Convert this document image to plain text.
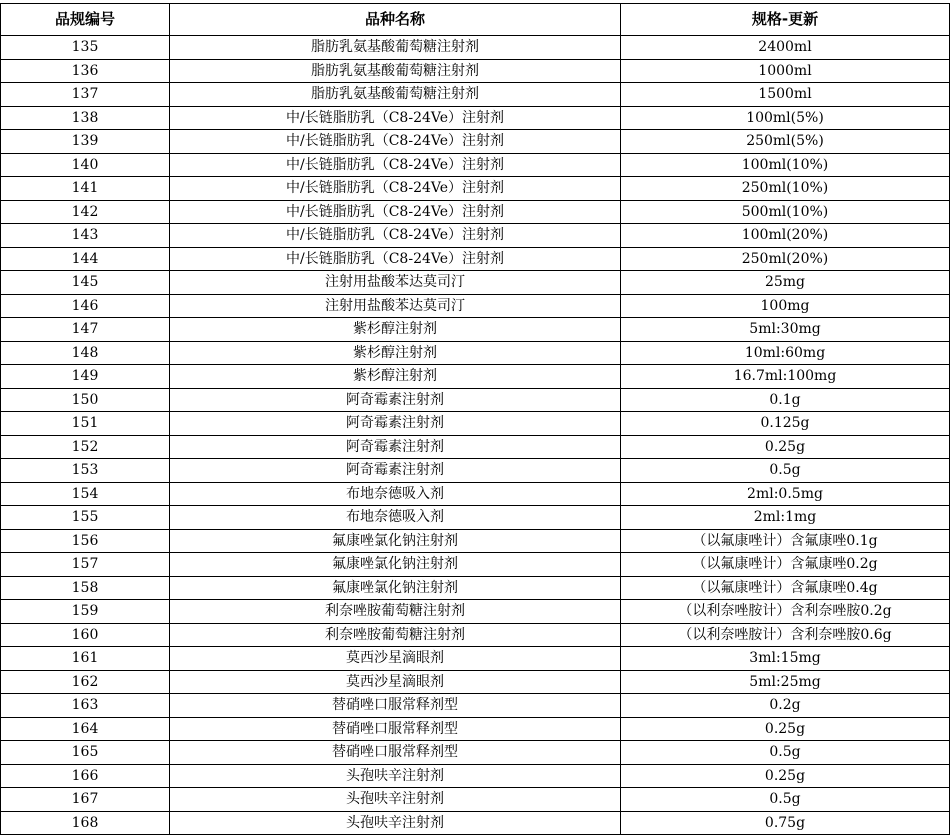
品规编号	品种名称	规格-更新
135	脂肪乳氨基酸葡萄糖注射剂	2400ml
136	脂肪乳氨基酸葡萄糖注射剂	1000ml
137	脂肪乳氨基酸葡萄糖注射剂	1500ml
138	中/长链脂肪乳（C8-24Ve）注射剂	100ml(5%)
139	中/长链脂肪乳（C8-24Ve）注射剂	250ml(5%)
140	中/长链脂肪乳（C8-24Ve）注射剂	100ml(10%)
141	中/长链脂肪乳（C8-24Ve）注射剂	250ml(10%)
142	中/长链脂肪乳（C8-24Ve）注射剂	500ml(10%)
143	中/长链脂肪乳（C8-24Ve）注射剂	100ml(20%)
144	中/长链脂肪乳（C8-24Ve）注射剂	250ml(20%)
145	注射用盐酸苯达莫司汀	25mg
146	注射用盐酸苯达莫司汀	100mg
147	紫杉醇注射剂	5ml:30mg
148	紫杉醇注射剂	10ml:60mg
149	紫杉醇注射剂	16.7ml:100mg
150	阿奇霉素注射剂	0.1g
151	阿奇霉素注射剂	0.125g
152	阿奇霉素注射剂	0.25g
153	阿奇霉素注射剂	0.5g
154	布地奈德吸入剂	2ml:0.5mg
155	布地奈德吸入剂	2ml:1mg
156	氟康唑氯化钠注射剂	（以氟康唑计）含氟康唑0.1g
157	氟康唑氯化钠注射剂	（以氟康唑计）含氟康唑0.2g
158	氟康唑氯化钠注射剂	（以氟康唑计）含氟康唑0.4g
159	利奈唑胺葡萄糖注射剂	（以利奈唑胺计）含利奈唑胺0.2g
160	利奈唑胺葡萄糖注射剂	（以利奈唑胺计）含利奈唑胺0.6g
161	莫西沙星滴眼剂	3ml:15mg
162	莫西沙星滴眼剂	5ml:25mg
163	替硝唑口服常释剂型	0.2g
164	替硝唑口服常释剂型	0.25g
165	替硝唑口服常释剂型	0.5g
166	头孢呋辛注射剂	0.25g
167	头孢呋辛注射剂	0.5g
168	头孢呋辛注射剂	0.75g
